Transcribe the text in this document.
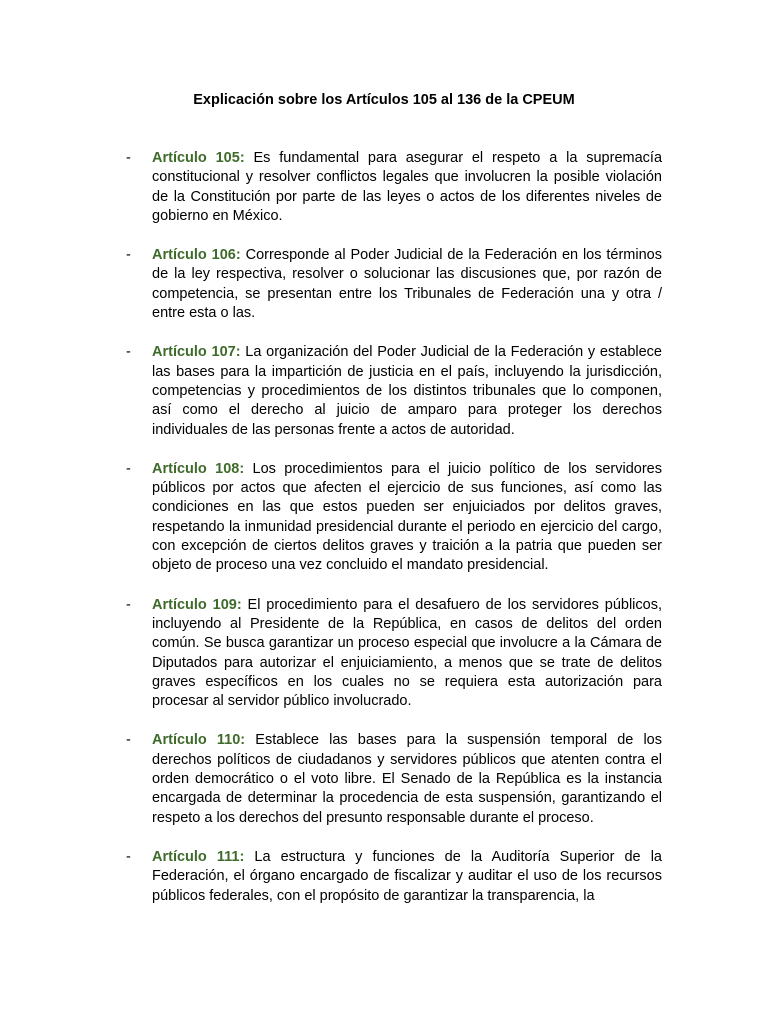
Explicación sobre los Artículos 105 al 136 de la CPEUM
- Artículo 105: Es fundamental para asegurar el respeto a la supremacía constitucional y resolver conflictos legales que involucren la posible violación de la Constitución por parte de las leyes o actos de los diferentes niveles de gobierno en México.
- Artículo 106: Corresponde al Poder Judicial de la Federación en los términos de la ley respectiva, resolver o solucionar las discusiones que, por razón de competencia, se presentan entre los Tribunales de Federación una y otra / entre esta o las.
- Artículo 107: La organización del Poder Judicial de la Federación y establece las bases para la impartición de justicia en el país, incluyendo la jurisdicción, competencias y procedimientos de los distintos tribunales que lo componen, así como el derecho al juicio de amparo para proteger los derechos individuales de las personas frente a actos de autoridad.
- Artículo 108: Los procedimientos para el juicio político de los servidores públicos por actos que afecten el ejercicio de sus funciones, así como las condiciones en las que estos pueden ser enjuiciados por delitos graves, respetando la inmunidad presidencial durante el periodo en ejercicio del cargo, con excepción de ciertos delitos graves y traición a la patria que pueden ser objeto de proceso una vez concluido el mandato presidencial.
- Artículo 109: El procedimiento para el desafuero de los servidores públicos, incluyendo al Presidente de la República, en casos de delitos del orden común. Se busca garantizar un proceso especial que involucre a la Cámara de Diputados para autorizar el enjuiciamiento, a menos que se trate de delitos graves específicos en los cuales no se requiera esta autorización para procesar al servidor público involucrado.
- Artículo 110: Establece las bases para la suspensión temporal de los derechos políticos de ciudadanos y servidores públicos que atenten contra el orden democrático o el voto libre. El Senado de la República es la instancia encargada de determinar la procedencia de esta suspensión, garantizando el respeto a los derechos del presunto responsable durante el proceso.
- Artículo 111: La estructura y funciones de la Auditoría Superior de la Federación, el órgano encargado de fiscalizar y auditar el uso de los recursos públicos federales, con el propósito de garantizar la transparencia, la
